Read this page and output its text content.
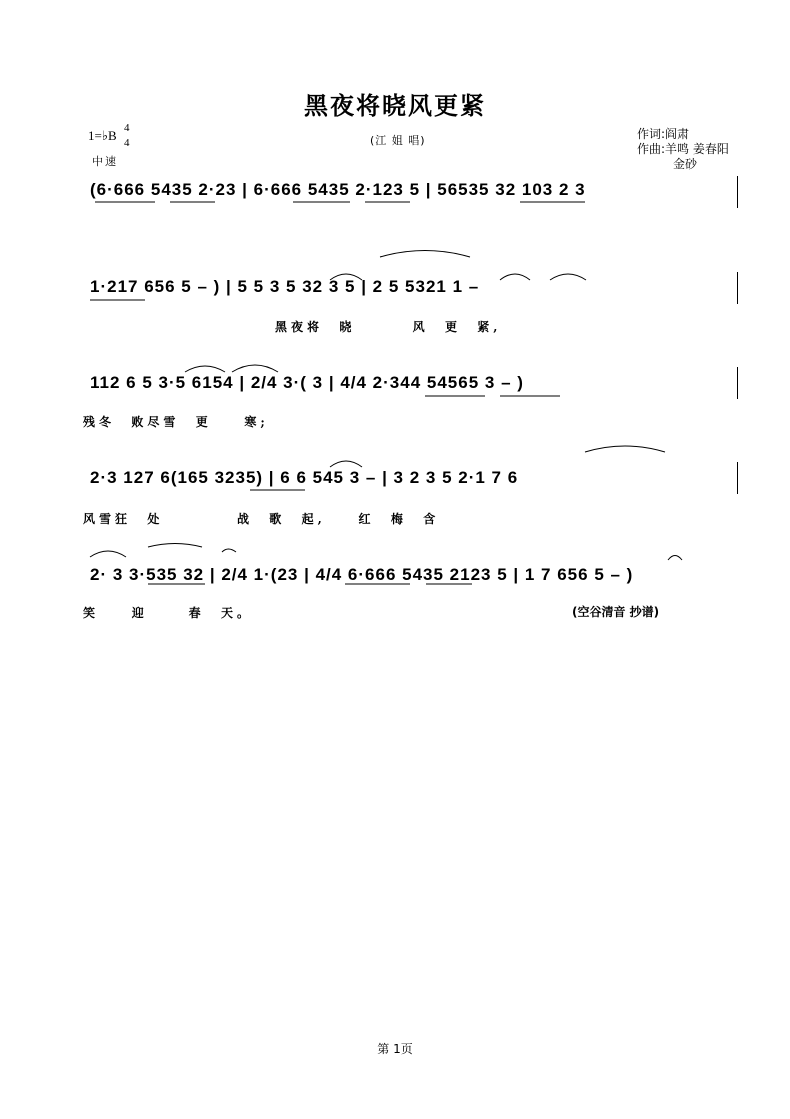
黑夜将晓风更紧
1=♭B 4
4
中速
(江 姐 唱)	作词:阎肃
作曲:羊鸣 姜春阳
金砂
(6·666 5435 2·23 | 6·666 5435 2·123 5 | 56535 32 103 2 3
1·217 656 5 – ) | 5 5 3 5 32 3 5 | 2 5 5321 1 –
黑夜将  晓       风  更  紧,
112 6 5 3·5 6154 | 2/4 3·( 3 | 4/4 2·344 54565 3 – )
残冬  败尽雪  更    寒;
2·3 127 6(165 3235) | 6 6 545 3 – | 3 2 3 5 2·1 7 6
风雪狂  处         战  歌  起,    红  梅  含
2· 3 3·535 32 | 2/4 1·(23 | 4/4 6·666 5435 2123 5 | 1 7 656 5 – )
笑    迎     春  天。	(空谷清音 抄谱)
第 1页
